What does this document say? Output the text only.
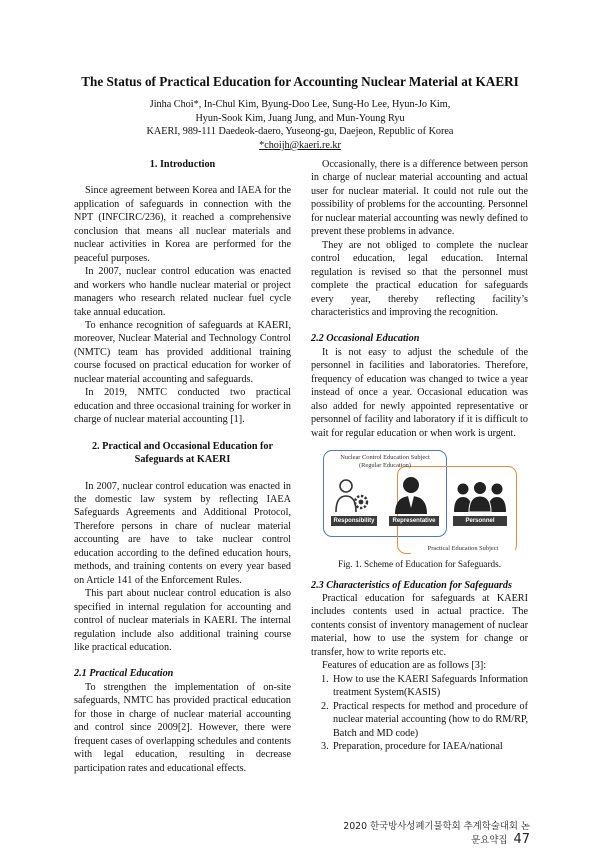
The Status of Practical Education for Accounting Nuclear Material at KAERI
Jinha Choi*, In-Chul Kim, Byung-Doo Lee, Sung-Ho Lee, Hyun-Jo Kim,
Hyun-Sook Kim, Juang Jung, and Mun-Young Ryu
KAERI, 989-111 Daedeok-daero, Yuseong-gu, Daejeon, Republic of Korea
*choijh@kaeri.re.kr
1. Introduction

Since agreement between Korea and IAEA for the application of safeguards in connection with the NPT (INFCIRC/236), it reached a comprehensive conclusion that means all nuclear materials and nuclear activities in Korea are performed for the peaceful purposes.

In 2007, nuclear control education was enacted and workers who handle nuclear material or project managers who research related nuclear fuel cycle take annual education.

To enhance recognition of safeguards at KAERI, moreover, Nuclear Material and Technology Control (NMTC) team has provided additional training course focused on practical education for worker of nuclear material accounting and safeguards.

In 2019, NMTC conducted two practical education and three occasional training for worker in charge of nuclear material accounting [1].

2. Practical and Occasional Education for
Safeguards at KAERI

In 2007, nuclear control education was enacted in the domestic law system by reflecting IAEA Safeguards Agreements and Additional Protocol, Therefore persons in chare of nuclear material accounting are have to take nuclear control education according to the defined education hours, methods, and training contents on every year based on Article 141 of the Enforcement Rules.

This part about nuclear control education is also specified in internal regulation for accounting and control of nuclear materials in KAERI. The internal regulation include also additional training course like practical education.

2.1 Practical Education

To strengthen the implementation of on-site safeguards, NMTC has provided practical education for those in charge of nuclear material accounting and control since 2009[2]. However, there were frequent cases of overlapping schedules and contents with legal education, resulting in decrease participation rates and educational effects.

Occasionally, there is a difference between person in charge of nuclear material accounting and actual user for nuclear material. It could not rule out the possibility of problems for the accounting. Personnel for nuclear material accounting was newly defined to prevent these problems in advance.

They are not obliged to complete the nuclear control education, legal education. Internal regulation is revised so that the personnel must complete the practical education for safeguards every year, thereby reflecting facility’s characteristics and improving the recognition.

2.2 Occasional Education

It is not easy to adjust the schedule of the personnel in facilities and laboratories. Therefore, frequency of education was changed to twice a year instead of once a year. Occasional education was also added for newly appointed representative or personnel of facility and laboratory if it is difficult to wait for regular education or when work is urgent.

Nuclear Control Education Subject
(Regular Education)
Responsibility	Representative	Personnel
Practical Education Subject
Fig. 1. Scheme of Education for Safeguards.
2.3 Characteristics of Education for Safeguards

Practical education for safeguards at KAERI includes contents used in actual practice. The contents consist of inventory management of nuclear material, how to use the system for change or transfer, how to write reports etc.

Features of education are as follows [3]:

1. How to use the KAERI Safeguards Information treatment System(KASIS)
2. Practical respects for method and procedure of nuclear material accounting (how to do RM/RP, Batch and MD code)
3. Preparation, procedure for IAEA/national
2020 한국방사성폐기물학회 추계학술대회 논문요약집 47
